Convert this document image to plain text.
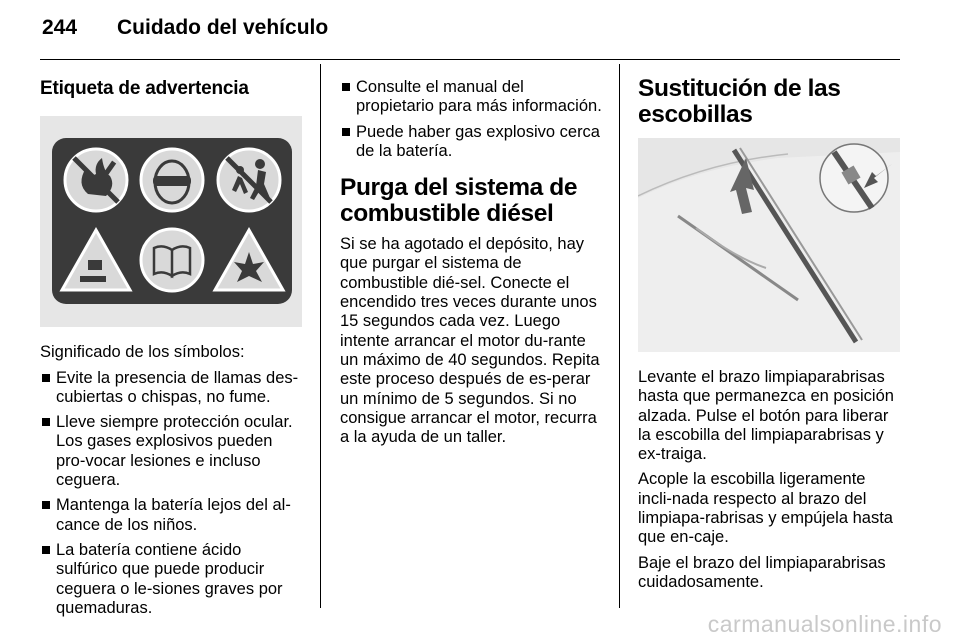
244 Cuidado del vehículo
Etiqueta de advertencia

Significado de los símbolos:

Evite la presencia de llamas des-cubiertas o chispas, no fume.
Lleve siempre protección ocular. Los gases explosivos pueden pro-vocar lesiones e incluso ceguera.
Mantenga la batería lejos del al-cance de los niños.
La batería contiene ácido sulfúrico que puede producir ceguera o le-siones graves por quemaduras.
Consulte el manual del propietario para más información.
Puede haber gas explosivo cerca de la batería.
Purga del sistema de combustible diésel

Si se ha agotado el depósito, hay que purgar el sistema de combustible dié-sel. Conecte el encendido tres veces durante unos 15 segundos cada vez. Luego intente arrancar el motor du-rante un máximo de 40 segundos. Repita este proceso después de es-perar un mínimo de 5 segundos. Si no consigue arrancar el motor, recurra a la ayuda de un taller.

Sustitución de las escobillas

Levante el brazo limpiaparabrisas hasta que permanezca en posición alzada. Pulse el botón para liberar la escobilla del limpiaparabrisas y ex-traiga.

Acople la escobilla ligeramente incli-nada respecto al brazo del limpiapa-rabrisas y empújela hasta que en-caje.

Baje el brazo del limpiaparabrisas cuidadosamente.

carmanualsonline.info
